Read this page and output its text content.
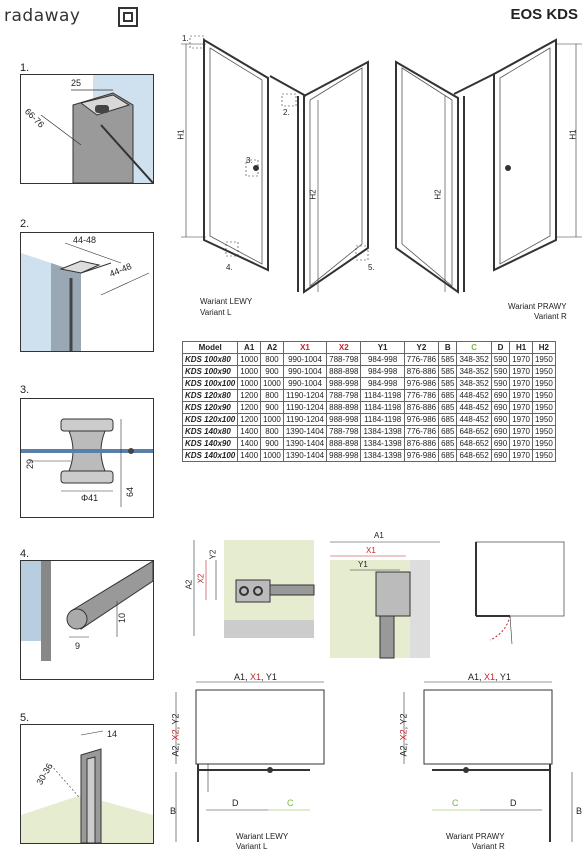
radaway	EOS KDS
1.
25
66-76
2.
44-48
44-48
3.
29
Φ41
64
4.
10
9
5.
30-36
14
H1
H2	H2
H1
1.
2.
3.
4.	5.
Wariant LEWY
Variant L
Wariant PRAWY
Variant R
Model	A1	A2	X1	X2	Y1	Y2	B	C	D	H1	H2
KDS 100x80	1000	800	990-1004	788-798	984-998	776-786	585	348-352	590	1970	1950
KDS 100x90	1000	900	990-1004	888-898	984-998	876-886	585	348-352	590	1970	1950
KDS 100x100	1000	1000	990-1004	988-998	984-998	976-986	585	348-352	590	1970	1950
KDS 120x80	1200	800	1190-1204	788-798	1184-1198	776-786	685	448-452	690	1970	1950
KDS 120x90	1200	900	1190-1204	888-898	1184-1198	876-886	685	448-452	690	1970	1950
KDS 120x100	1200	1000	1190-1204	988-998	1184-1198	976-986	685	448-452	690	1970	1950
KDS 140x80	1400	800	1390-1404	788-798	1384-1398	776-786	685	648-652	690	1970	1950
KDS 140x90	1400	900	1390-1404	888-898	1384-1398	876-886	685	648-652	690	1970	1950
KDS 140x100	1400	1000	1390-1404	988-998	1384-1398	976-986	685	648-652	690	1970	1950
A2
X2
Y2
A1
X1
Y1
A1, X1, Y1
A2, X2, Y2
B
D	C
Wariant LEWY
Variant L
A1, X1, Y1
A2, X2, Y2
B
C	D
Wariant PRAWY
Variant R
